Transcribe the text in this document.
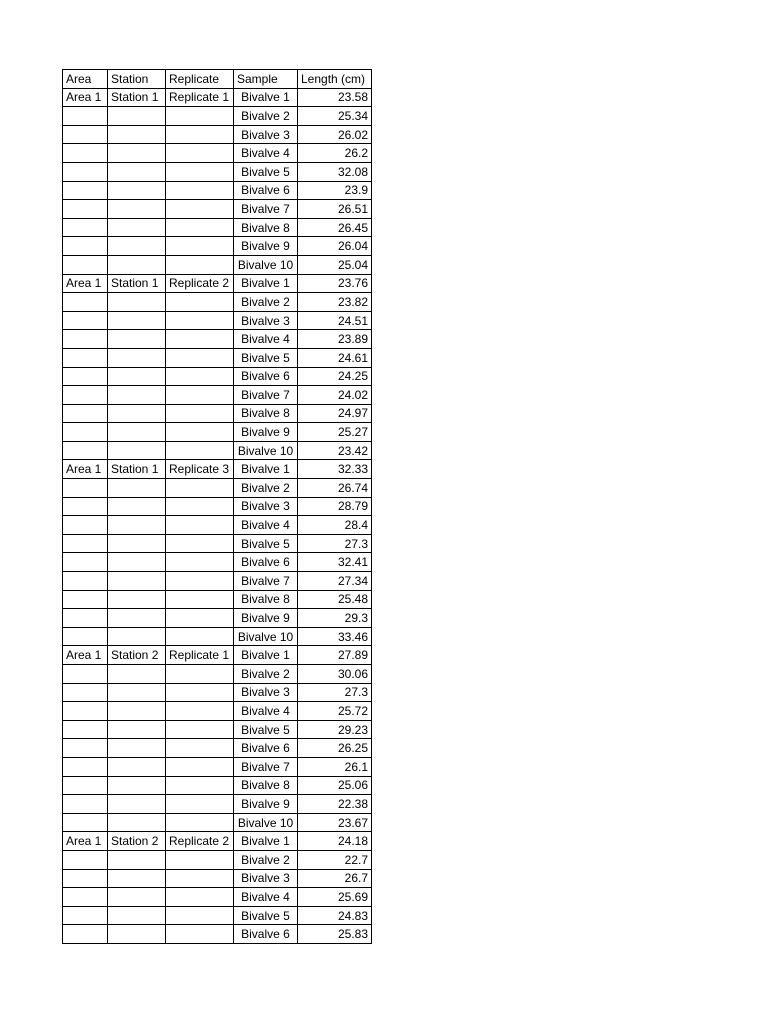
Area	Station	Replicate	Sample	Length (cm)
Area 1	Station 1	Replicate 1	Bivalve 1	23.58
			Bivalve 2	25.34
			Bivalve 3	26.02
			Bivalve 4	26.2
			Bivalve 5	32.08
			Bivalve 6	23.9
			Bivalve 7	26.51
			Bivalve 8	26.45
			Bivalve 9	26.04
			Bivalve 10	25.04
Area 1	Station 1	Replicate 2	Bivalve 1	23.76
			Bivalve 2	23.82
			Bivalve 3	24.51
			Bivalve 4	23.89
			Bivalve 5	24.61
			Bivalve 6	24.25
			Bivalve 7	24.02
			Bivalve 8	24.97
			Bivalve 9	25.27
			Bivalve 10	23.42
Area 1	Station 1	Replicate 3	Bivalve 1	32.33
			Bivalve 2	26.74
			Bivalve 3	28.79
			Bivalve 4	28.4
			Bivalve 5	27.3
			Bivalve 6	32.41
			Bivalve 7	27.34
			Bivalve 8	25.48
			Bivalve 9	29.3
			Bivalve 10	33.46
Area 1	Station 2	Replicate 1	Bivalve 1	27.89
			Bivalve 2	30.06
			Bivalve 3	27.3
			Bivalve 4	25.72
			Bivalve 5	29.23
			Bivalve 6	26.25
			Bivalve 7	26.1
			Bivalve 8	25.06
			Bivalve 9	22.38
			Bivalve 10	23.67
Area 1	Station 2	Replicate 2	Bivalve 1	24.18
			Bivalve 2	22.7
			Bivalve 3	26.7
			Bivalve 4	25.69
			Bivalve 5	24.83
			Bivalve 6	25.83
